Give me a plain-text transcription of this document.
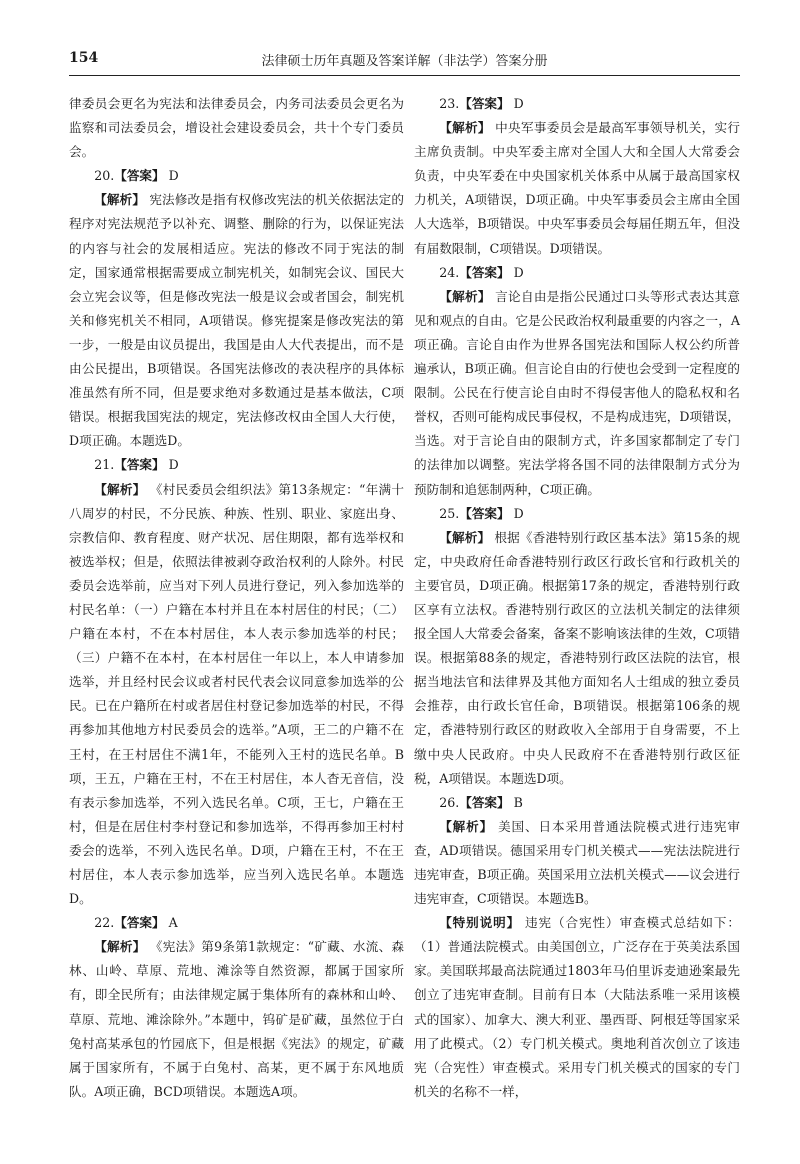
154	法律硕士历年真题及答案详解（非法学）答案分册

律委员会更名为宪法和法律委员会，内务司法委员会更名为监察和司法委员会，增设社会建设委员会，共十个专门委员会。

20.【答案】 D

【解析】 宪法修改是指有权修改宪法的机关依据法定的程序对宪法规范予以补充、调整、删除的行为，以保证宪法的内容与社会的发展相适应。宪法的修改不同于宪法的制定，国家通常根据需要成立制宪机关，如制宪会议、国民大会立宪会议等，但是修改宪法一般是议会或者国会，制宪机关和修宪机关不相同，A项错误。修宪提案是修改宪法的第一步，一般是由议员提出，我国是由人大代表提出，而不是由公民提出，B项错误。各国宪法修改的表决程序的具体标准虽然有所不同，但是要求绝对多数通过是基本做法，C项错误。根据我国宪法的规定，宪法修改权由全国人大行使，D项正确。本题选D。

21.【答案】 D

【解析】 《村民委员会组织法》第13条规定：“年满十八周岁的村民，不分民族、种族、性别、职业、家庭出身、宗教信仰、教育程度、财产状况、居住期限，都有选举权和被选举权；但是，依照法律被剥夺政治权利的人除外。村民委员会选举前，应当对下列人员进行登记，列入参加选举的村民名单：（一）户籍在本村并且在本村居住的村民；（二）户籍在本村，不在本村居住，本人表示参加选举的村民；（三）户籍不在本村，在本村居住一年以上，本人申请参加选举，并且经村民会议或者村民代表会议同意参加选举的公民。已在户籍所在村或者居住村登记参加选举的村民，不得再参加其他地方村民委员会的选举。”A项，王二的户籍不在王村，在王村居住不满1年，不能列入王村的选民名单。B项，王五，户籍在王村，不在王村居住，本人杳无音信，没有表示参加选举，不列入选民名单。C项，王七，户籍在王村，但是在居住村李村登记和参加选举，不得再参加王村村委会的选举，不列入选民名单。D项，户籍在王村，不在王村居住，本人表示参加选举，应当列入选民名单。本题选D。

22.【答案】 A

【解析】 《宪法》第9条第1款规定：“矿藏、水流、森林、山岭、草原、荒地、滩涂等自然资源，都属于国家所有，即全民所有；由法律规定属于集体所有的森林和山岭、草原、荒地、滩涂除外。”本题中，钨矿是矿藏，虽然位于白兔村高某承包的竹园底下，但是根据《宪法》的规定，矿藏属于国家所有，不属于白兔村、高某，更不属于东风地质队。A项正确，BCD项错误。本题选A项。

23.【答案】 D

【解析】 中央军事委员会是最高军事领导机关，实行主席负责制。中央军委主席对全国人大和全国人大常委会负责，中央军委在中央国家机关体系中从属于最高国家权力机关，A项错误，D项正确。中央军事委员会主席由全国人大选举，B项错误。中央军事委员会每届任期五年，但没有届数限制，C项错误。D项错误。

24.【答案】 D

【解析】 言论自由是指公民通过口头等形式表达其意见和观点的自由。它是公民政治权利最重要的内容之一，A项正确。言论自由作为世界各国宪法和国际人权公约所普遍承认，B项正确。但言论自由的行使也会受到一定程度的限制。公民在行使言论自由时不得侵害他人的隐私权和名誉权，否则可能构成民事侵权，不是构成违宪，D项错误，当选。对于言论自由的限制方式，许多国家都制定了专门的法律加以调整。宪法学将各国不同的法律限制方式分为预防制和追惩制两种，C项正确。

25.【答案】 D

【解析】 根据《香港特别行政区基本法》第15条的规定，中央政府任命香港特别行政区行政长官和行政机关的主要官员，D项正确。根据第17条的规定，香港特别行政区享有立法权。香港特别行政区的立法机关制定的法律须报全国人大常委会备案，备案不影响该法律的生效，C项错误。根据第88条的规定，香港特别行政区法院的法官，根据当地法官和法律界及其他方面知名人士组成的独立委员会推荐，由行政长官任命，B项错误。根据第106条的规定，香港特别行政区的财政收入全部用于自身需要，不上缴中央人民政府。中央人民政府不在香港特别行政区征税，A项错误。本题选D项。

26.【答案】 B

【解析】 美国、日本采用普通法院模式进行违宪审查，AD项错误。德国采用专门机关模式——宪法法院进行违宪审查，B项正确。英国采用立法机关模式——议会进行违宪审查，C项错误。本题选B。

【特别说明】 违宪（合宪性）审查模式总结如下：（1）普通法院模式。由美国创立，广泛存在于英美法系国家。美国联邦最高法院通过1803年马伯里诉麦迪逊案最先创立了违宪审查制。目前有日本（大陆法系唯一采用该模式的国家）、加拿大、澳大利亚、墨西哥、阿根廷等国家采用了此模式。（2）专门机关模式。奥地利首次创立了该违宪（合宪性）审查模式。采用专门机关模式的国家的专门机关的名称不一样，
